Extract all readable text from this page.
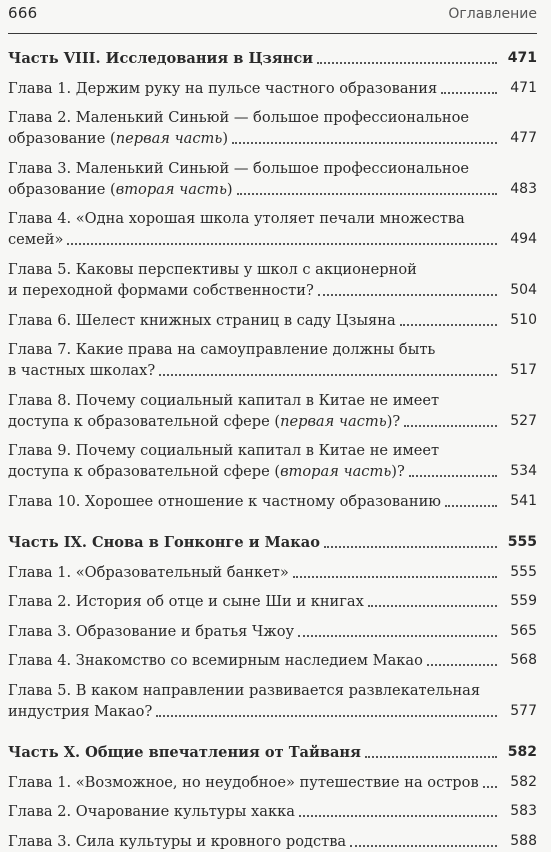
666	Оглавление
Часть VIII. Исследования в Цзянси	471
Глава 1. Держим руку на пульсе частного образования	471
Глава 2. Маленький Синьюй — большое профессиональное
образование (первая часть)	477
Глава 3. Маленький Синьюй — большое профессиональное
образование (вторая часть)	483
Глава 4. «Одна хорошая школа утоляет печали множества
семей»	494
Глава 5. Каковы перспективы у школ с акционерной
и переходной формами собственности?	504
Глава 6. Шелест книжных страниц в саду Цзыяна	510
Глава 7. Какие права на самоуправление должны быть
в частных школах?	517
Глава 8. Почему социальный капитал в Китае не имеет
доступа к образовательной сфере (первая часть)?	527
Глава 9. Почему социальный капитал в Китае не имеет
доступа к образовательной сфере (вторая часть)?	534
Глава 10. Хорошее отношение к частному образованию	541
Часть IX. Снова в Гонконге и Макао	555
Глава 1. «Образовательный банкет»	555
Глава 2. История об отце и сыне Ши и книгах	559
Глава 3. Образование и братья Чжоу	565
Глава 4. Знакомство со всемирным наследием Макао	568
Глава 5. В каком направлении развивается развлекательная
индустрия Макао?	577
Часть X. Общие впечатления от Тайваня	582
Глава 1. «Возможное, но неудобное» путешествие на остров	582
Глава 2. Очарование культуры хакка	583
Глава 3. Сила культуры и кровного родства	588
